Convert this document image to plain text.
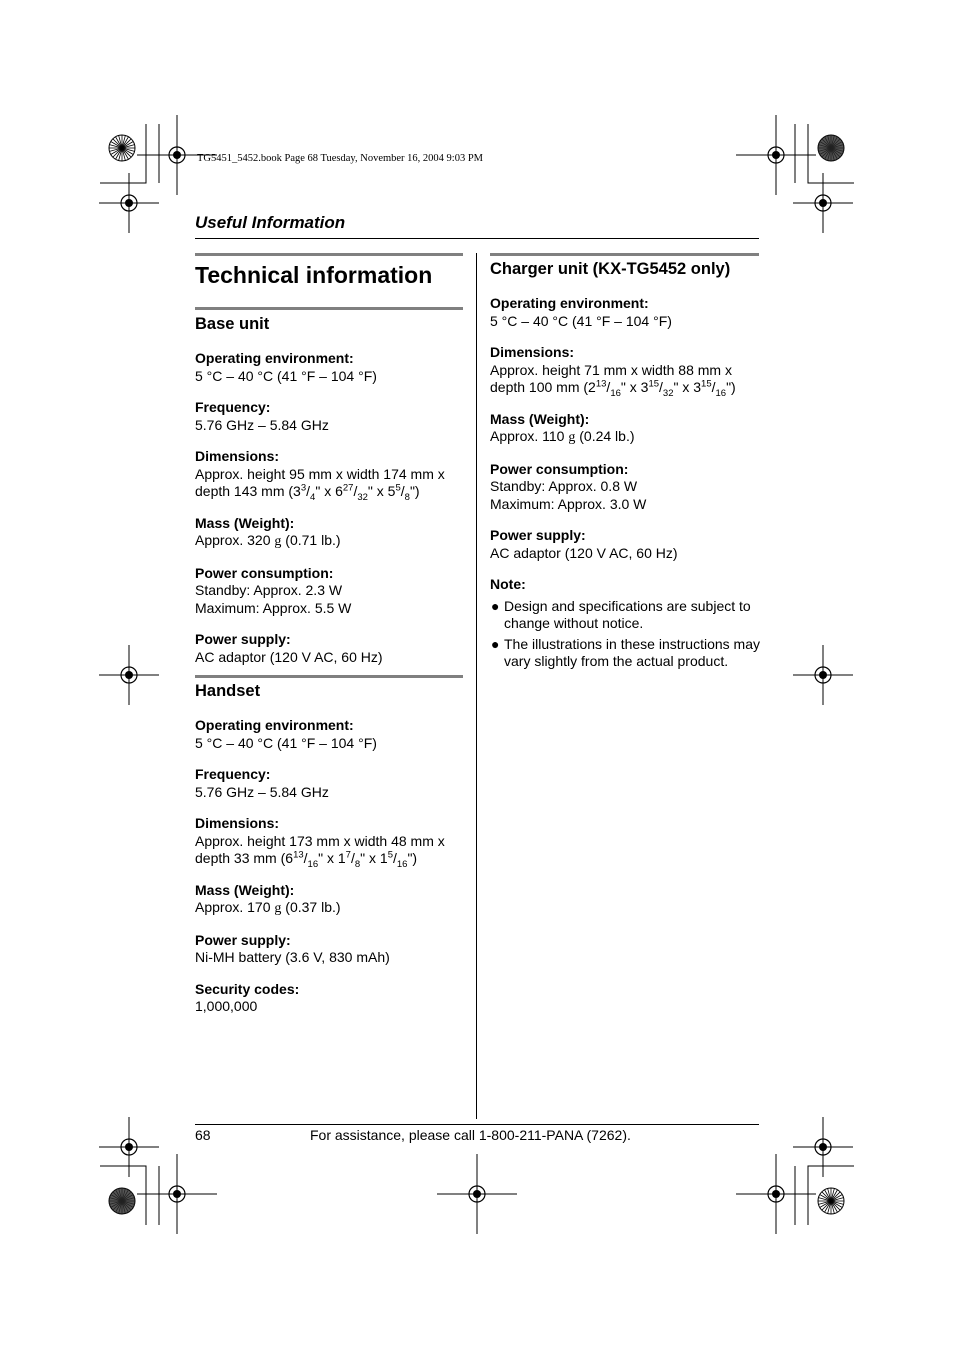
TG5451_5452.book Page 68 Tuesday, November 16, 2004 9:03 PM
Useful Information
Technical information
Base unit
Operating environment:
5 °C – 40 °C (41 °F – 104 °F)
Frequency:
5.76 GHz – 5.84 GHz
Dimensions:
Approx. height 95 mm x width 174 mm x
depth 143 mm ($3^3/_4$" x $6^{27}/_{32}$" x $5^5/_8$")
Mass (Weight):
Approx. 320 g (0.71 lb.)
Power consumption:
Standby: Approx. 2.3 W
Maximum: Approx. 5.5 W
Power supply:
AC adaptor (120 V AC, 60 Hz)
Handset
Operating environment:
5 °C – 40 °C (41 °F – 104 °F)
Frequency:
5.76 GHz – 5.84 GHz
Dimensions:
Approx. height 173 mm x width 48 mm x
depth 33 mm ($6^{13}/_{16}$" x $1^7/_8$" x $1^5/_{16}$")
Mass (Weight):
Approx. 170 g (0.37 lb.)
Power supply:
Ni-MH battery (3.6 V, 830 mAh)
Security codes:
1,000,000
Charger unit (KX-TG5452 only)
Operating environment:
5 °C – 40 °C (41 °F – 104 °F)
Dimensions:
Approx. height 71 mm x width 88 mm x
depth 100 mm ($2^{13}/_{16}$" x $3^{15}/_{32}$" x $3^{15}/_{16}$")
Mass (Weight):
Approx. 110 g (0.24 lb.)
Power consumption:
Standby: Approx. 0.8 W
Maximum: Approx. 3.0 W
Power supply:
AC adaptor (120 V AC, 60 Hz)
Note:
● Design and specifications are subject to change without notice.
● The illustrations in these instructions may vary slightly from the actual product.
68	For assistance, please call 1-800-211-PANA (7262).
